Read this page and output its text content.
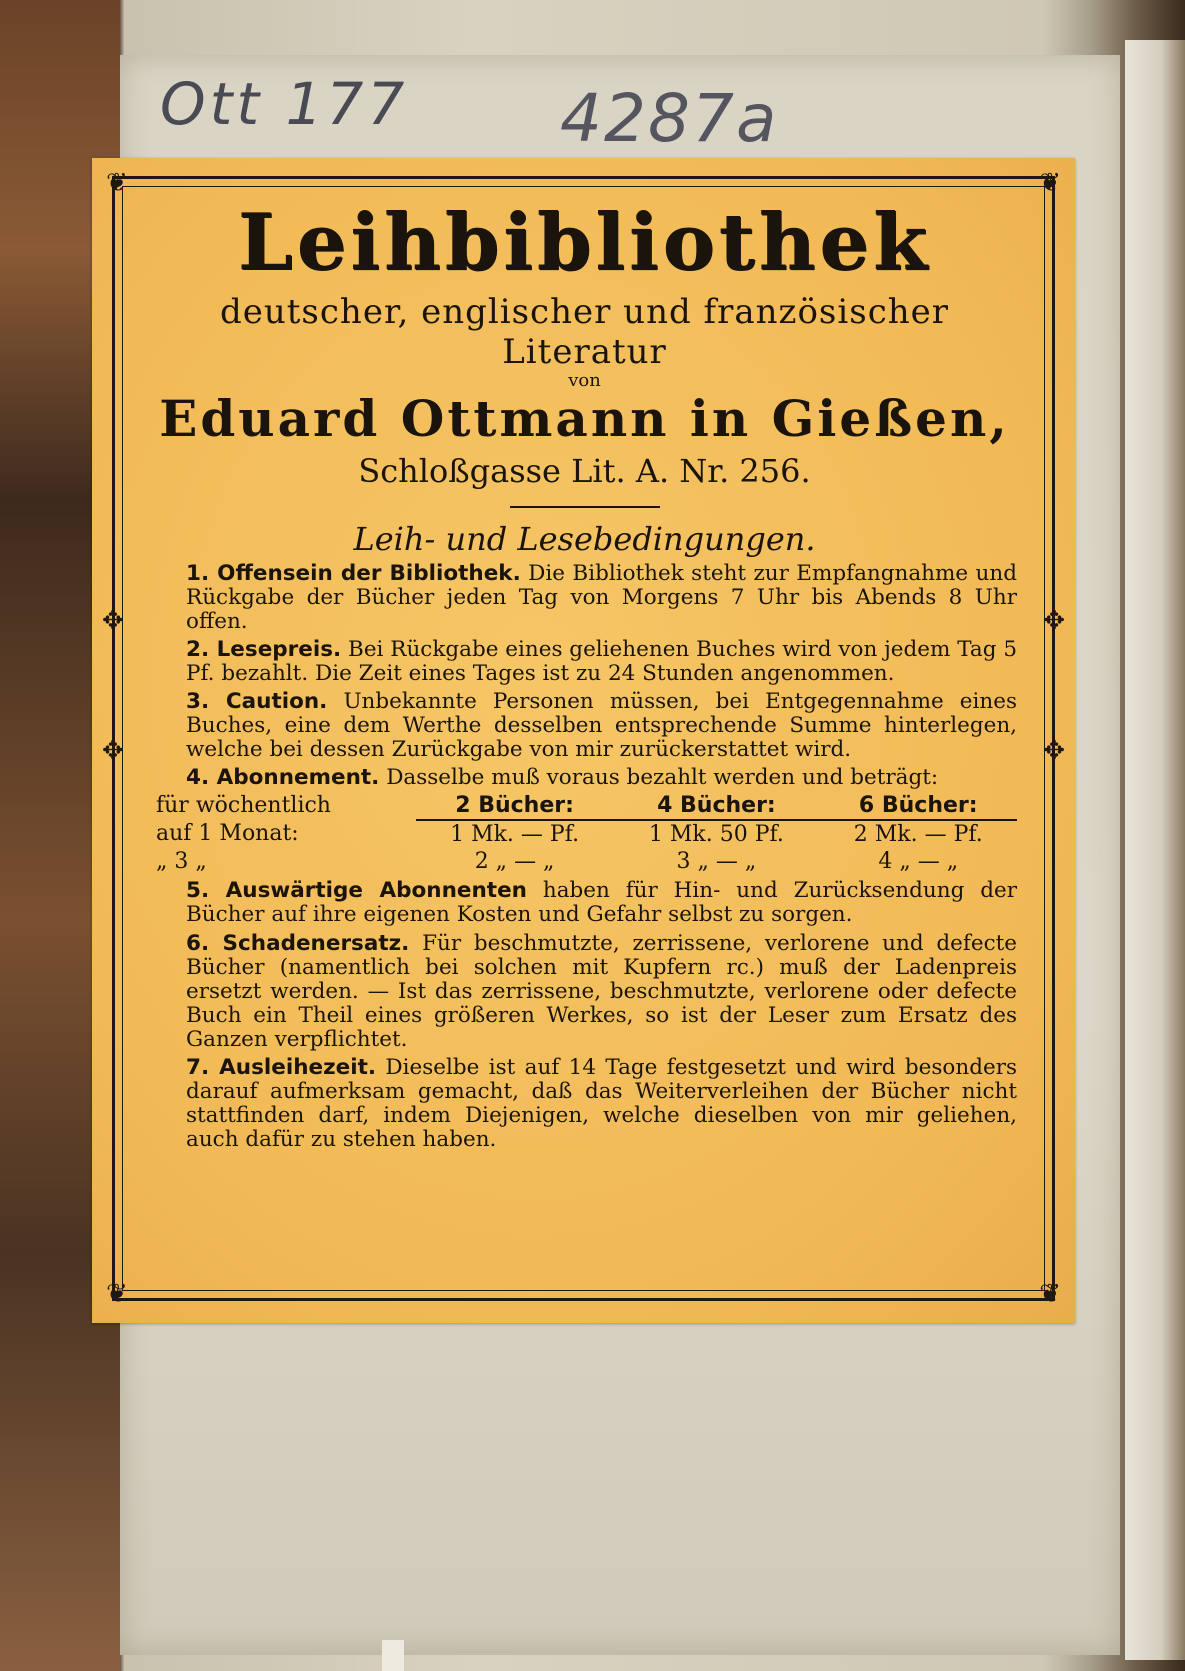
Ott 177 4287a
❦	❦
❦	❦
✥	✥
✥	✥
Leihbibliothek
deutscher, englischer und französischer Literatur
von
Eduard Ottmann in Gießen,
Schloßgasse Lit. A. Nr. 256.
Leih- und Lesebedingungen.
1. Offensein der Bibliothek. Die Bibliothek steht zur Empfangnahme und Rückgabe der Bücher jeden Tag von Morgens 7 Uhr bis Abends 8 Uhr offen.
2. Lesepreis. Bei Rückgabe eines geliehenen Buches wird von jedem Tag 5 Pf. bezahlt. Die Zeit eines Tages ist zu 24 Stunden angenommen.
3. Caution. Unbekannte Personen müssen, bei Entgegennahme eines Buches, eine dem Werthe desselben entsprechende Summe hinterlegen, welche bei dessen Zurückgabe von mir zurückerstattet wird.
4. Abonnement. Dasselbe muß voraus bezahlt werden und beträgt:
für wöchentlich	2 Bücher:	4 Bücher:	6 Bücher:
auf 1 Monat:	1 Mk. — Pf.	1 Mk. 50 Pf.	2 Mk. — Pf.
„ 3 „	2 „ — „	3 „ — „	4 „ — „
5. Auswärtige Abonnenten haben für Hin- und Zurücksendung der Bücher auf ihre eigenen Kosten und Gefahr selbst zu sorgen.
6. Schadenersatz. Für beschmutzte, zerrissene, verlorene und defecte Bücher (namentlich bei solchen mit Kupfern rc.) muß der Ladenpreis ersetzt werden. — Ist das zerrissene, beschmutzte, verlorene oder defecte Buch ein Theil eines größeren Werkes, so ist der Leser zum Ersatz des Ganzen verpflichtet.
7. Ausleihezeit. Dieselbe ist auf 14 Tage festgesetzt und wird besonders darauf aufmerksam gemacht, daß das Weiterverleihen der Bücher nicht stattfinden darf, indem Diejenigen, welche dieselben von mir geliehen, auch dafür zu stehen haben.
